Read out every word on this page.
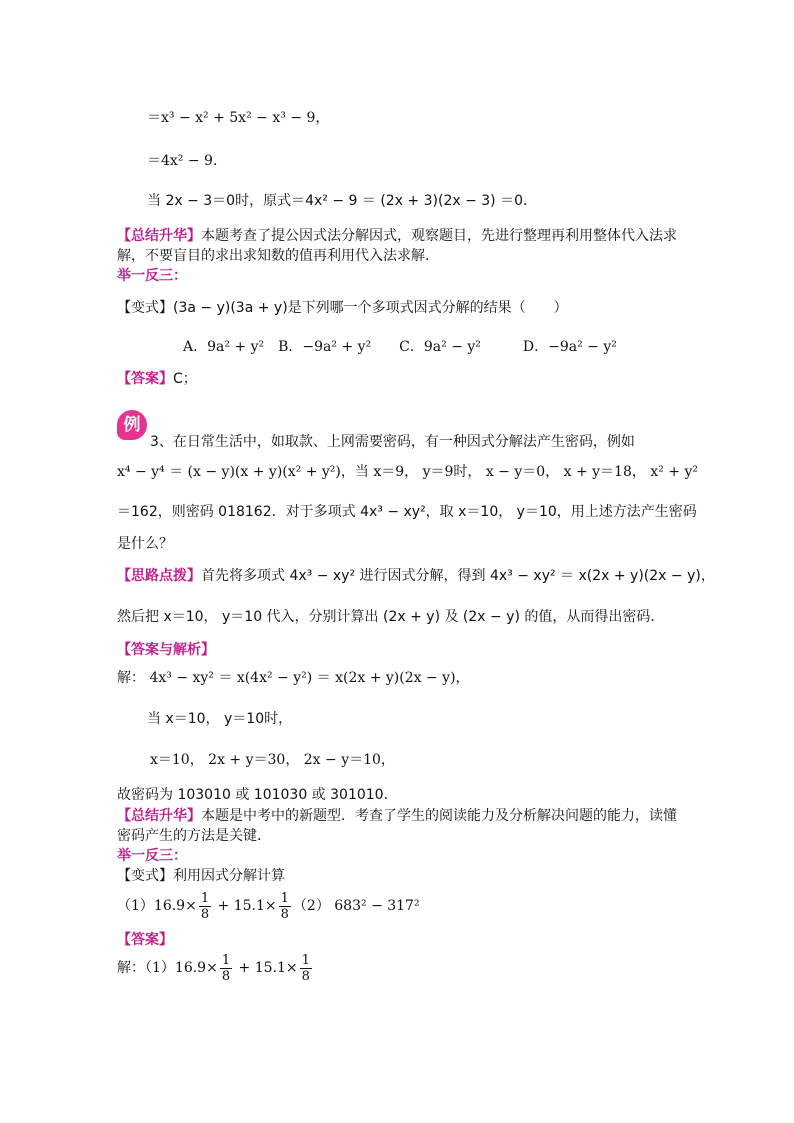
＝x³ − x² + 5x² − x³ − 9，
＝4x² − 9．
当 2x − 3＝0时，原式＝4x² − 9 ＝ (2x + 3)(2x − 3) ＝0．
【总结升华】本题考查了提公因式法分解因式，观察题目，先进行整理再利用整体代入法求
解，不要盲目的求出求知数的值再利用代入法求解．
举一反三：
【变式】(3a − y)(3a + y)是下列哪一个多项式因式分解的结果（　　）
A．9a² + y²　B．−9a² + y²　　C．9a² − y²　　　D．−9a² − y²
【答案】C；
例
3、在日常生活中，如取款、上网需要密码，有一种因式分解法产生密码，例如
x⁴ − y⁴ ＝ (x − y)(x + y)(x² + y²)，当 x＝9， y＝9时， x − y＝0， x + y＝18， x² + y²
＝162，则密码 018162．对于多项式 4x³ − xy²，取 x＝10， y＝10，用上述方法产生密码
是什么？
【思路点拨】首先将多项式 4x³ − xy² 进行因式分解，得到 4x³ − xy² ＝ x(2x + y)(2x − y)，
然后把 x＝10， y＝10 代入，分别计算出 (2x + y) 及 (2x − y) 的值，从而得出密码．
【答案与解析】
解： 4x³ − xy² ＝ x(4x² − y²) ＝ x(2x + y)(2x − y)，
当 x＝10， y＝10时，
x＝10， 2x + y＝30， 2x − y＝10，
故密码为 103010 或 101030 或 301010．
【总结升华】本题是中考中的新题型．考查了学生的阅读能力及分析解决问题的能力，读懂
密码产生的方法是关键．
举一反三：
【变式】利用因式分解计算
$(1)16.9\times \frac{1}{8} + 15.1\times \frac{1}{8} (2) 683^2 - 317^2$
【答案】
解：$(1)16.9\times \frac{1}{8} + 15.1\times \frac{1}{8}$
